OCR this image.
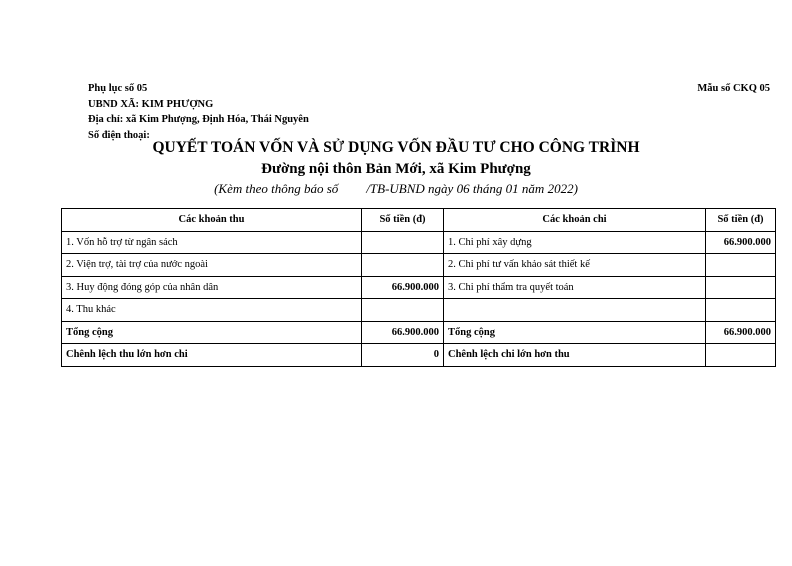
Phụ lục số 05
UBND XÃ: KIM PHƯỢNG
Địa chỉ: xã Kim Phượng, Định Hóa, Thái Nguyên
Số điện thoại:
Mẫu số CKQ 05
QUYẾT TOÁN VỐN VÀ SỬ DỤNG VỐN ĐẦU TƯ CHO CÔNG TRÌNH
Đường nội thôn Bản Mới, xã Kim Phượng
(Kèm theo thông báo số /TB-UBND ngày 06 tháng 01 năm 2022)
Các khoản thu	Số tiền (đ)	Các khoản chi	Số tiền (đ)
1. Vốn hỗ trợ từ ngân sách		1. Chi phí xây dựng	66.900.000
2. Viện trợ, tài trợ của nước ngoài		2. Chi phí tư vấn khảo sát thiết kế	
3. Huy động đóng góp của nhân dân	66.900.000	3. Chi phí thẩm tra quyết toán	
4. Thu khác			
Tổng cộng	66.900.000	Tổng cộng	66.900.000
Chênh lệch thu lớn hơn chi	0	Chênh lệch chi lớn hơn thu	
